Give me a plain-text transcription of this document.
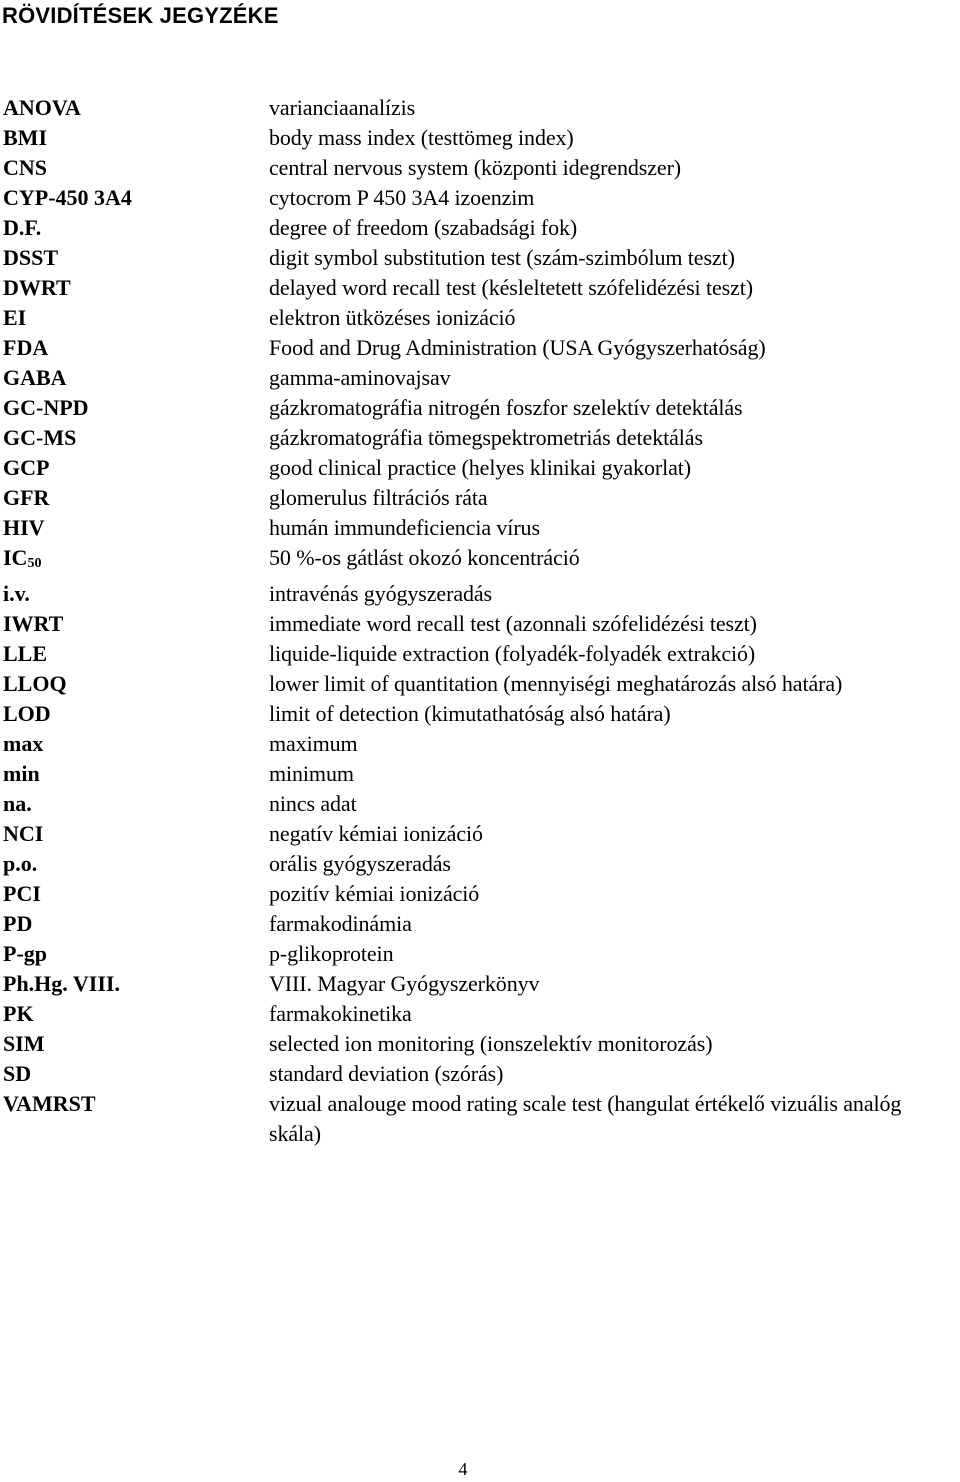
RÖVIDÍTÉSEK JEGYZÉKE
ANOVA	varianciaanalízis
BMI	body mass index (testtömeg index)
CNS	central nervous system (központi idegrendszer)
CYP-450 3A4	cytocrom P 450 3A4 izoenzim
D.F.	degree of freedom (szabadsági fok)
DSST	digit symbol substitution test (szám-szimbólum teszt)
DWRT	delayed word recall test (késleltetett szófelidézési teszt)
EI	elektron ütközéses ionizáció
FDA	Food and Drug Administration (USA Gyógyszerhatóság)
GABA	gamma-aminovajsav
GC-NPD	gázkromatográfia nitrogén foszfor szelektív detektálás
GC-MS	gázkromatográfia tömegspektrometriás detektálás
GCP	good clinical practice (helyes klinikai gyakorlat)
GFR	glomerulus filtrációs ráta
HIV	humán immundeficiencia vírus
IC50	50 %-os gátlást okozó koncentráció
i.v.	intravénás gyógyszeradás
IWRT	immediate word recall test (azonnali szófelidézési teszt)
LLE	liquide-liquide extraction (folyadék-folyadék extrakció)
LLOQ	lower limit of quantitation (mennyiségi meghatározás alsó határa)
LOD	limit of detection (kimutathatóság alsó határa)
max	maximum
min	minimum
na.	nincs adat
NCI	negatív kémiai ionizáció
p.o.	orális gyógyszeradás
PCI	pozitív kémiai ionizáció
PD	farmakodinámia
P-gp	p-glikoprotein
Ph.Hg. VIII.	VIII. Magyar Gyógyszerkönyv
PK	farmakokinetika
SIM	selected ion monitoring (ionszelektív monitorozás)
SD	standard deviation (szórás)
VAMRST	vizual analouge mood rating scale test (hangulat értékelő vizuális analóg skála)
4
